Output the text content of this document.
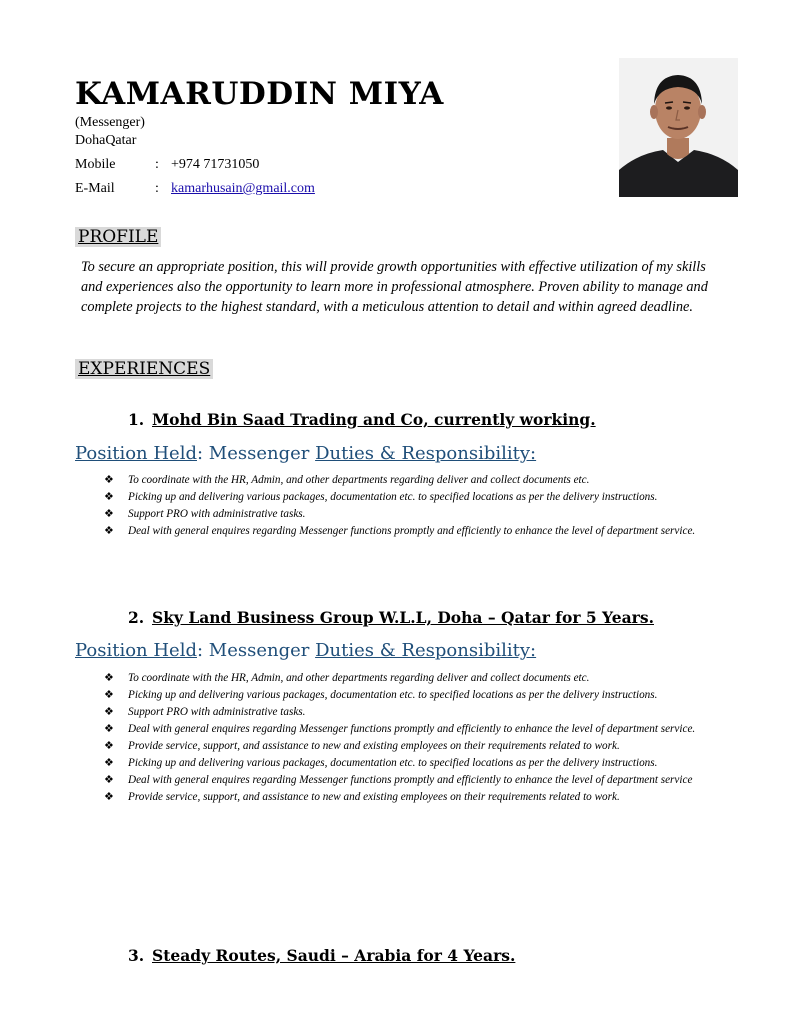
KAMARUDDIN MIYA
(Messenger)
DohaQatar
Mobile	: +974 71731050
E-Mail	: kamarhusain@gmail.com
PROFILE
To secure an appropriate position, this will provide growth opportunities with effective utilization of my skills and experiences also the opportunity to learn more in professional atmosphere. Proven ability to manage and complete projects to the highest standard, with a meticulous attention to detail and within agreed deadline.
EXPERIENCES
1. Mohd Bin Saad Trading and Co, currently working.
Position Held: Messenger Duties & Responsibility:
❖ To coordinate with the HR, Admin, and other departments regarding deliver and collect documents etc.
❖ Picking up and delivering various packages, documentation etc. to specified locations as per the delivery instructions.
❖ Support PRO with administrative tasks.
❖ Deal with general enquires regarding Messenger functions promptly and efficiently to enhance the level of department service.
2. Sky Land Business Group W.L.L, Doha – Qatar for 5 Years.
Position Held: Messenger Duties & Responsibility:
❖ To coordinate with the HR, Admin, and other departments regarding deliver and collect documents etc.
❖ Picking up and delivering various packages, documentation etc. to specified locations as per the delivery instructions.
❖ Support PRO with administrative tasks.
❖ Deal with general enquires regarding Messenger functions promptly and efficiently to enhance the level of department service.
❖ Provide service, support, and assistance to new and existing employees on their requirements related to work.
❖ Picking up and delivering various packages, documentation etc. to specified locations as per the delivery instructions.
❖ Deal with general enquires regarding Messenger functions promptly and efficiently to enhance the level of department service
❖ Provide service, support, and assistance to new and existing employees on their requirements related to work.
3. Steady Routes, Saudi – Arabia for 4 Years.
